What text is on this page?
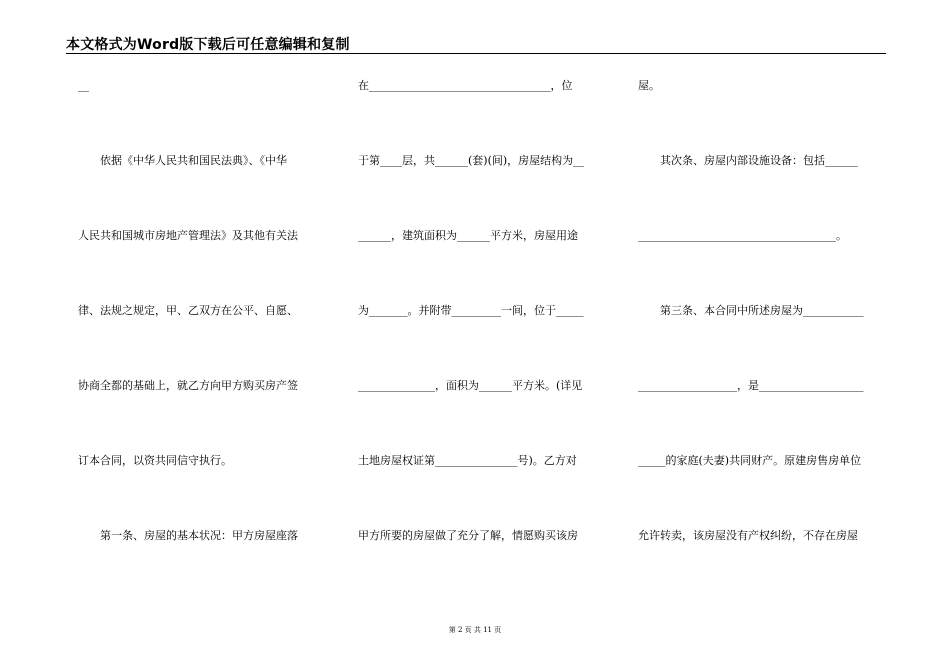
本文格式为Word版下载后可任意编辑和复制
__
　　依据《中华人民共和国民法典》、《中华
人民共和国城市房地产管理法》及其他有关法
律、法规之规定，甲、乙双方在公平、自愿、
协商全都的基础上，就乙方向甲方购买房产签
订本合同，以资共同信守执行。
　　第一条、房屋的基本状况：甲方房屋座落
在_________________________________，位
于第____层，共______(套)(间)，房屋结构为__
______，建筑面积为______平方米，房屋用途
为_______。并附带_________一间，位于_____
______________，面积为______平方米。(详见
土地房屋权证第_______________号)。乙方对
甲方所要的房屋做了充分了解，情愿购买该房
屋。
　　其次条、房屋内部设施设备：包括______
____________________________________。
　　第三条、本合同中所述房屋为___________
__________________，是___________________
_____的家庭(夫妻)共同财产。原建房售房单位
允许转卖，该房屋没有产权纠纷，不存在房屋
第 2 页 共 11 页
